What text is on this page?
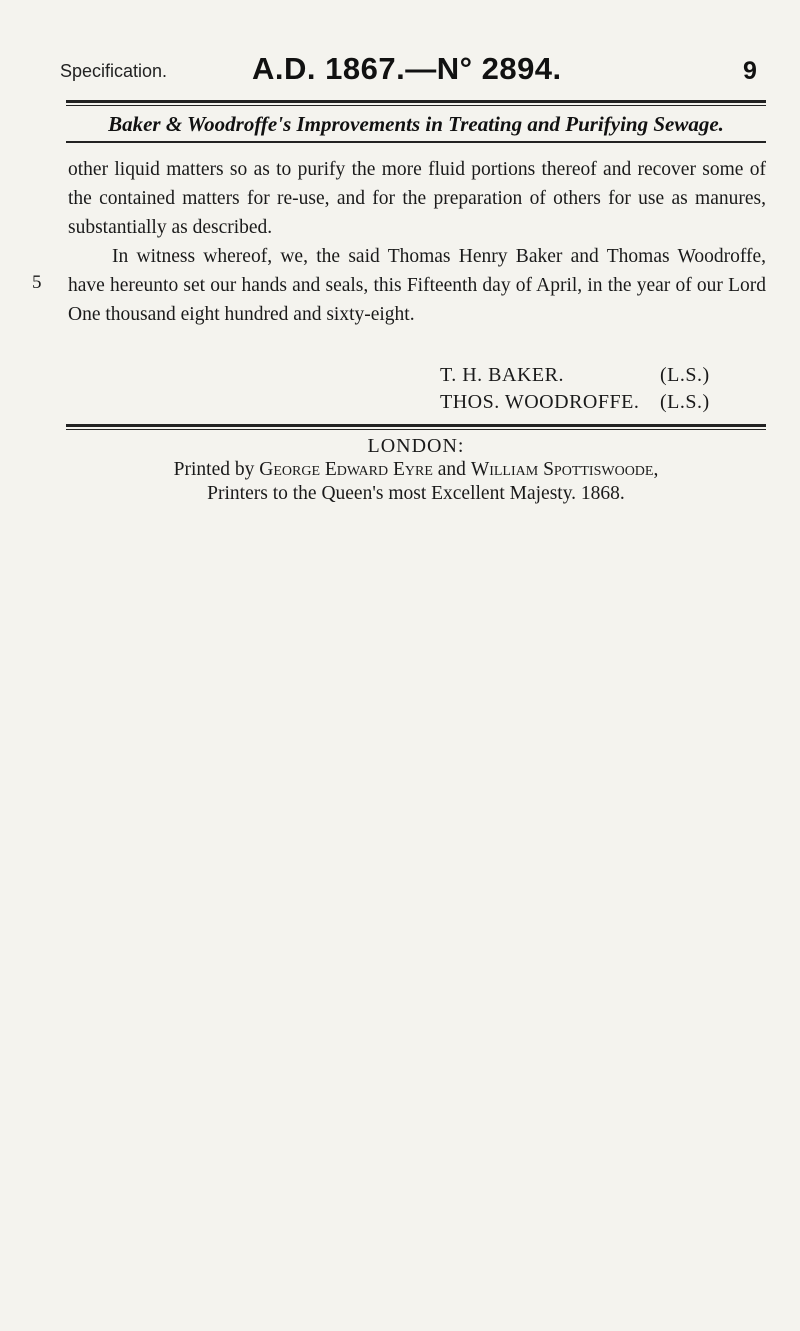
Specification.	A.D. 1867.—N° 2894.	9
Baker & Woodroffe's Improvements in Treating and Purifying Sewage.
other liquid matters so as to purify the more fluid portions thereof and recover some of the contained matters for re-use, and for the preparation of others for use as manures, substantially as described.
In witness whereof, we, the said Thomas Henry Baker and Thomas Woodroffe, have hereunto set our hands and seals, this Fifteenth day of April, in the year of our Lord One thousand eight hundred and sixty-eight.
5
T. H. BAKER.	(L.S.)
THOS. WOODROFFE. (L.S.)
LONDON:
Printed by George Edward Eyre and William Spottiswoode,
Printers to the Queen's most Excellent Majesty. 1868.
